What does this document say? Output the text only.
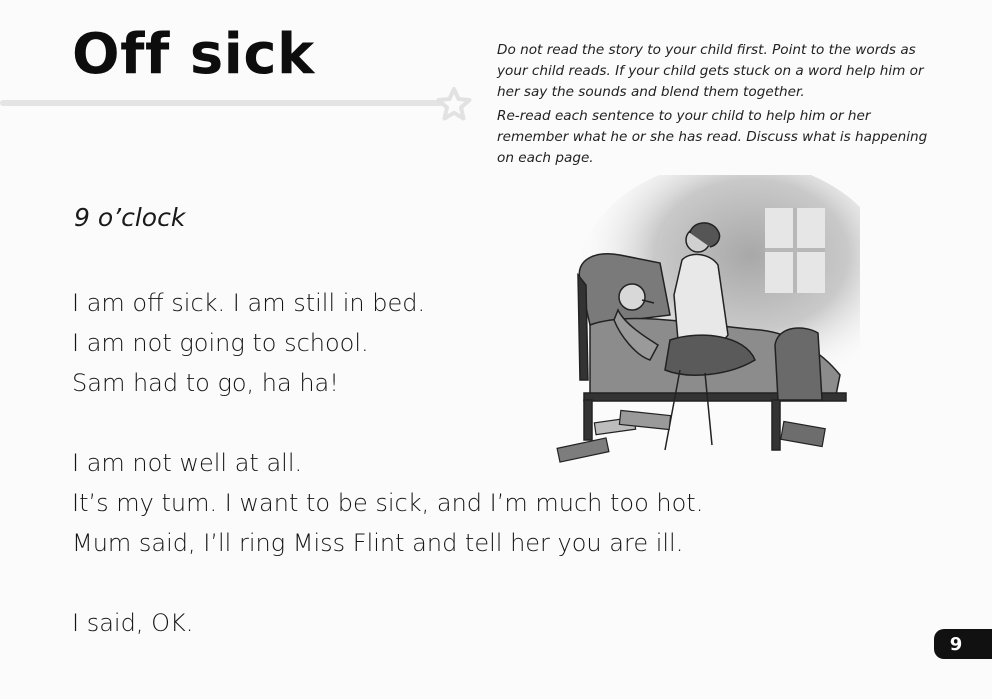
Off sick	Do not read the story to your child first. Point to the words as your child reads. If your child gets stuck on a word help him or her say the sounds and blend them together.

Re-read each sentence to your child to help him or her remember what he or she has read. Discuss what is happening on each page.

9 o’clock
I am off sick. I am still in bed.
I am not going to school.
Sam had to go, ha ha!
I am not well at all.
It’s my tum. I want to be sick, and I’m much too hot.
Mum said, I’ll ring Miss Flint and tell her you are ill.
I said, OK.
9
